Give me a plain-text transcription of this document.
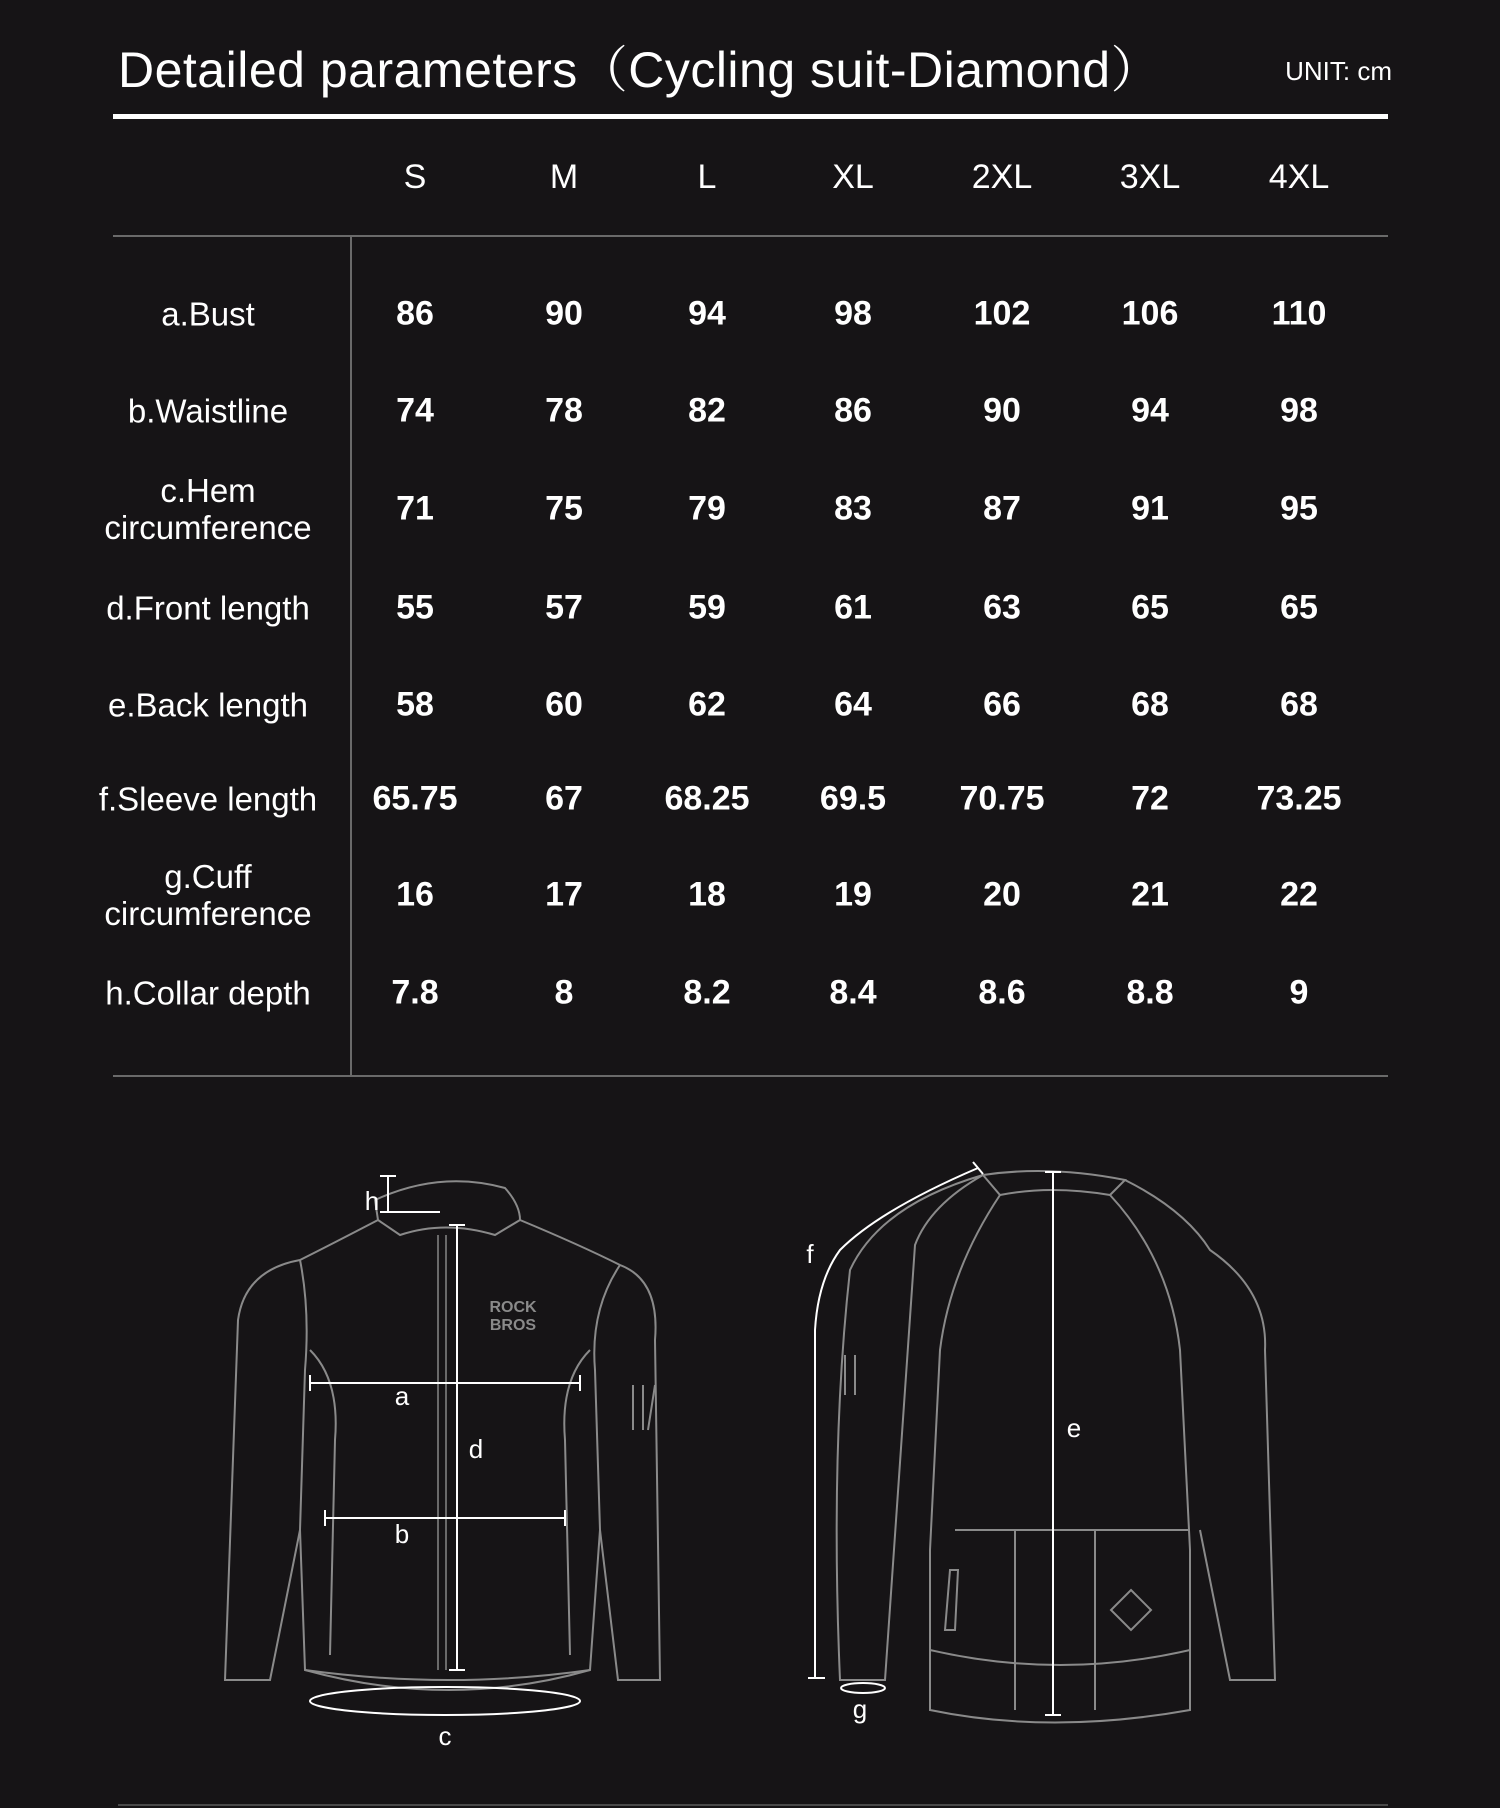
Detailed parameters（Cycling suit-Diamond）	UNIT: cm
S	M	L	XL	2XL	3XL	4XL
a.Bust	86	90	94	98	102	106	110
b.Waistline	74	78	82	86	90	94	98
c.Hem
circumference	71	75	79	83	87	91	95
d.Front length	55	57	59	61	63	65	65
e.Back length	58	60	62	64	66	68	68
f.Sleeve length	65.75	67	68.25	69.5	70.75	72	73.25
g.Cuff
circumference	16	17	18	19	20	21	22
h.Collar depth	7.8	8	8.2	8.4	8.6	8.8	9
h
a
d
b
c
e
f
g
ROCK
BROS
